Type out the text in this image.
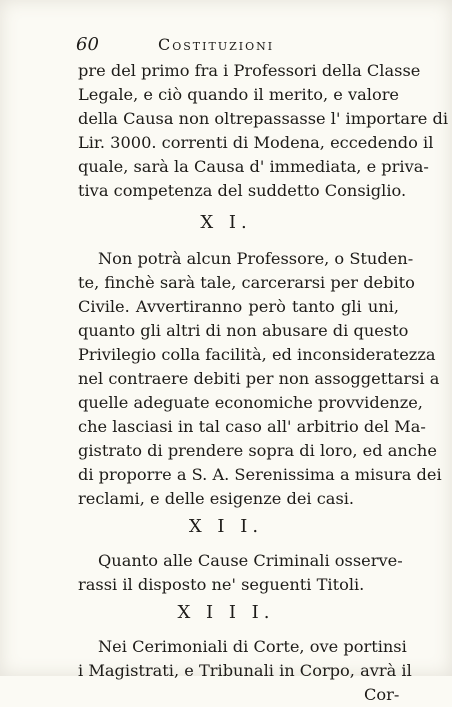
60	Costituzioni
pre del primo fra i Professori della Classe
Legale, e ciò quando il merito, e valore
della Causa non oltrepassasse l' importare di
Lir. 3000. correnti di Modena, eccedendo il
quale, sarà la Causa d' immediata, e priva-
tiva competenza del suddetto Consiglio.
X I.
Non potrà alcun Professore, o Studen-
te, finchè sarà tale, carcerarsi per debito
Civile. Avvertiranno però tanto gli uni,
quanto gli altri di non abusare di questo
Privilegio colla facilità, ed inconsideratezza
nel contraere debiti per non assoggettarsi a
quelle adeguate economiche provvidenze,
che lasciasi in tal caso all' arbitrio del Ma-
gistrato di prendere sopra di loro, ed anche
di proporre a S. A. Serenissima a misura dei
reclami, e delle esigenze dei casi.
X I I.
Quanto alle Cause Criminali osserve-
rassi il disposto ne' seguenti Titoli.
X I I I.
Nei Cerimoniali di Corte, ove portinsi
i Magistrati, e Tribunali in Corpo, avrà il
Cor-
